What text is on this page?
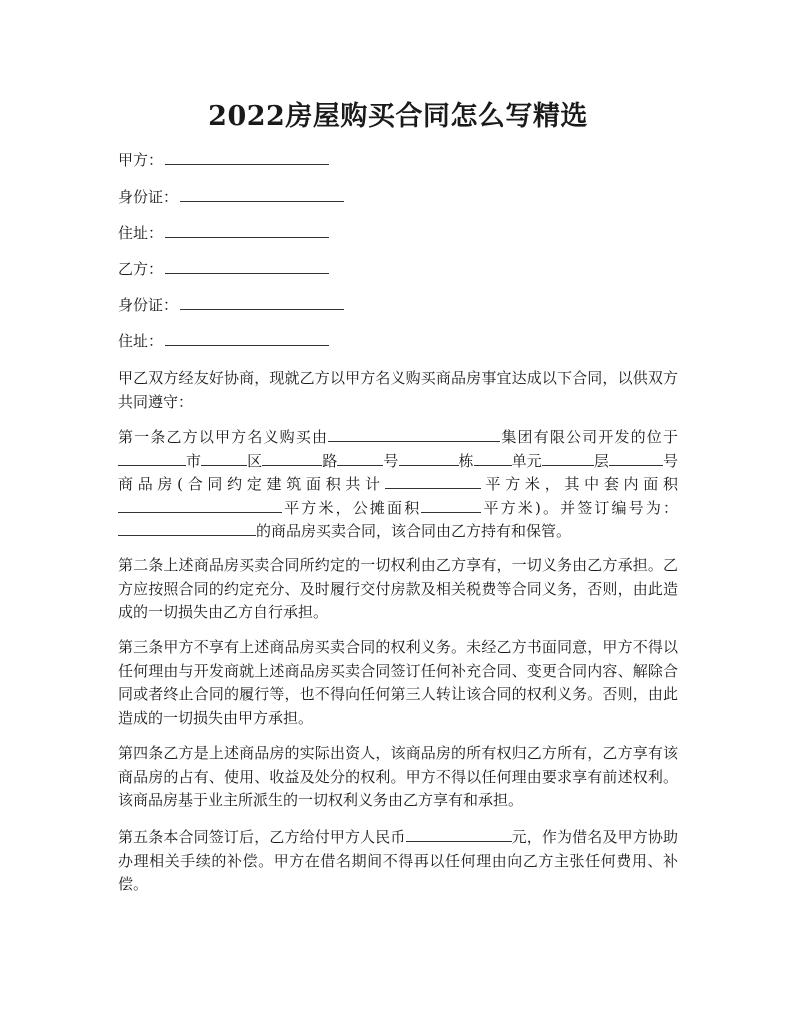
2022房屋购买合同怎么写精选
甲方：
身份证：
住址：
乙方：
身份证：
住址：

甲乙双方经友好协商，现就乙方以甲方名义购买商品房事宜达成以下合同，以供双方共同遵守：

第一条乙方以甲方名义购买由	集团有限公司开发的位于市	区	路	号	栋	单元	层	号商品房(合同约定建筑面积共计	平方米，其中套内面积平方米，公摊面积	平方米)。并签订编号为：的商品房买卖合同，该合同由乙方持有和保管。

第二条上述商品房买卖合同所约定的一切权利由乙方享有，一切义务由乙方承担。乙方应按照合同的约定充分、及时履行交付房款及相关税费等合同义务，否则，由此造成的一切损失由乙方自行承担。

第三条甲方不享有上述商品房买卖合同的权利义务。未经乙方书面同意，甲方不得以任何理由与开发商就上述商品房买卖合同签订任何补充合同、变更合同内容、解除合同或者终止合同的履行等，也不得向任何第三人转让该合同的权利义务。否则，由此造成的一切损失由甲方承担。

第四条乙方是上述商品房的实际出资人，该商品房的所有权归乙方所有，乙方享有该商品房的占有、使用、收益及处分的权利。甲方不得以任何理由要求享有前述权利。该商品房基于业主所派生的一切权利义务由乙方享有和承担。

第五条本合同签订后，乙方给付甲方人民币	元，作为借名及甲方协助办理相关手续的补偿。甲方在借名期间不得再以任何理由向乙方主张任何费用、补偿。
